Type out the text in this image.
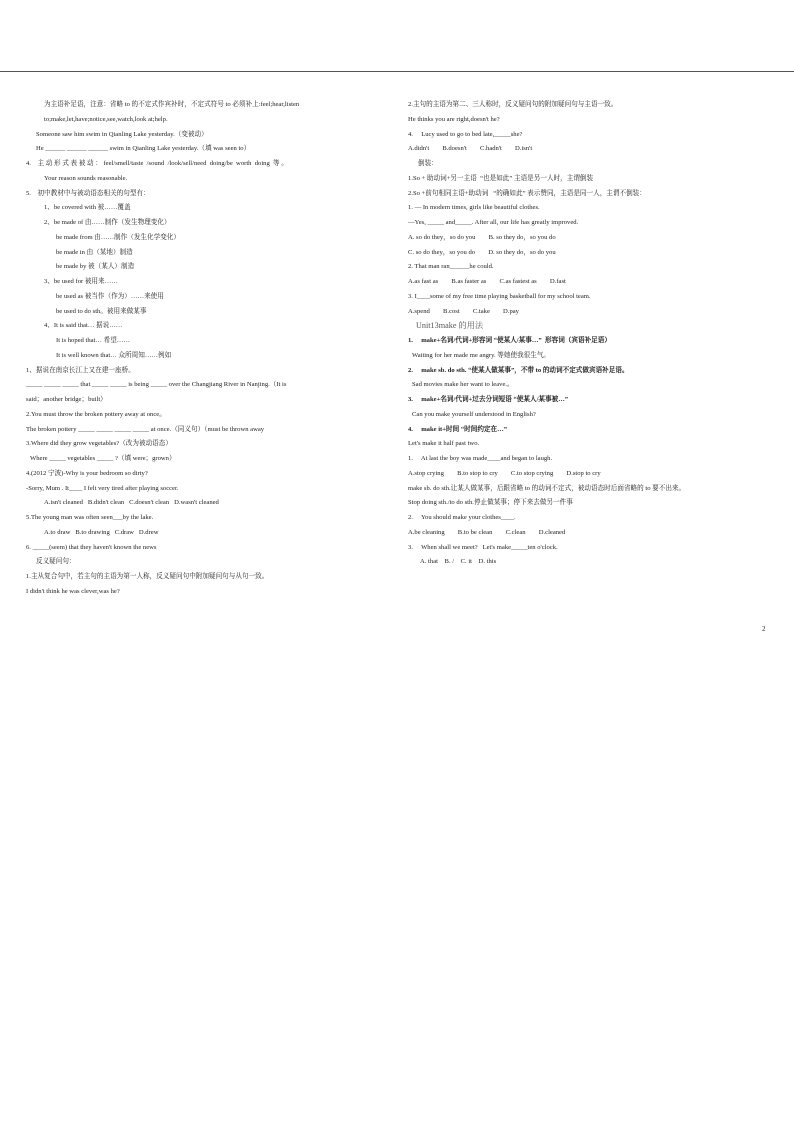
为主语补足语，注意：省略 to 的不定式作宾补时，不定式符号 to 必须补上:feel;hear,listen
to;make,let,have;notice,see,watch,look at;help.
Someone saw him swim in Qianling Lake yesterday.（变被动）
He ______ ______ ______ swim in Qianling Lake yesterday.（填 was seen to）
4.    主 动 形 式 表 被 动 ： feel/smell/taste  /sound  /look/sell/need  doing/be  worth  doing  等 。
Your reason sounds reasonable.
5.    初中教材中与被动语态相关的句型有：
1、be covered with 被……覆盖
2、be made of 由……制作（发生物理变化）
be made from 由……制作（发生化学变化）
be made in 由（某地）制造
be made by 被（某人）制造
3、be used for 被用来……
be used as 被当作（作为）……来使用
be used to do sth。被用来做某事
4、It is said that… 据说……
It is hoped that… 希望……
It is well known that… 众所周知……例如
1、据说在南京长江上又在建一座桥。
_____ _____ _____ that _____ _____ is being _____ over the Changjiang River in Nanjing.（It is
said；another bridge；built）
2.You must throw the broken pottery away at once。
The broken pottery _____ _____ _____ _____ at once.（同义句）（must be thrown away
3.Where did they grow vegetables?（改为被动语态）
Where _____ vegetables _____ ?（填 were；grown）
4.(2012 宁波)-Why is your bedroom so dirty?
-Sorry, Mum . It____ I felt very tired after playing soccer.
A.isn't cleaned   B.didn't clean   C.doesn't clean   D.wasn't cleaned
5.The young man was often seen___by the lake.
A.to draw   B.to drawing   C.draw   D.drew
6. _____(seem) that they haven't known the news
反义疑问句：
1.主从复合句中，若主句的主语为第一人称，反义疑问句中附加疑问句与从句一致。
I didn't think he was clever,was he?
2.主句的主语为第二、三人称时，反义疑问句的附加疑问句与主语一致。
He thinks you are right,doesn't he?
4.     Lucy used to go to bed late,_____she?
A.didn't        B.doesn't        C.hadn't        D.isn't
倒装：
1.So + 助动词+另一主语  “也是如此” 主语是另一人时，主谓倒装
2.So +前句相同主语+助动词   “的确如此” 表示赞同，主语是同一人，主谓不倒装：
1. — In modern times, girls like beautiful clothes.
—Yes, _____ and_____. After all, our life has greatly improved.
A. so do they，so do you        B. so they do，so you do
C. so do they，so you do        D. so they do，so do you
2. That man ran______he could.
A.as fast as        B.as faster as        C.as fastest as        D.fast
3. I____some of my free time playing basketball for my school team.
A.spend        B.cost        C.take        D.pay
Unit13make 的用法
1.     make+名词/代词+形容词 “使某人/某事…”  形容词（宾语补足语）
Waiting for her made me angry. 等她使我很生气。
2.     make sb. do sth. “使某人做某事”，不带 to 的动词不定式做宾语补足语。
Sad movies make her want to leave.。
3.     make+名词/代词+过去分词短语 “使某人/某事被…”
Can you make yourself understood in English?
4.     make it+时间 “时间约定在…”
Let's make it half past two.
1.     At last the boy was made____and began to laugh.
A.stop crying        B.to stop to cry        C.to stop crying        D.stop to cry
make sb. do sth.让某人做某事，后跟省略 to 的动词不定式，被动语态时后面省略的 to 要不出来。
Stop doing sth./to do sth.停止做某事；停下来去做另一件事
2.     You should make your clothes____.
A.be cleaning        B.to be clean        C.clean        D.cleaned
3.     When shall we meet?   Let's make_____ten o'clock.
A. that    B. /    C. it    D. this
2
